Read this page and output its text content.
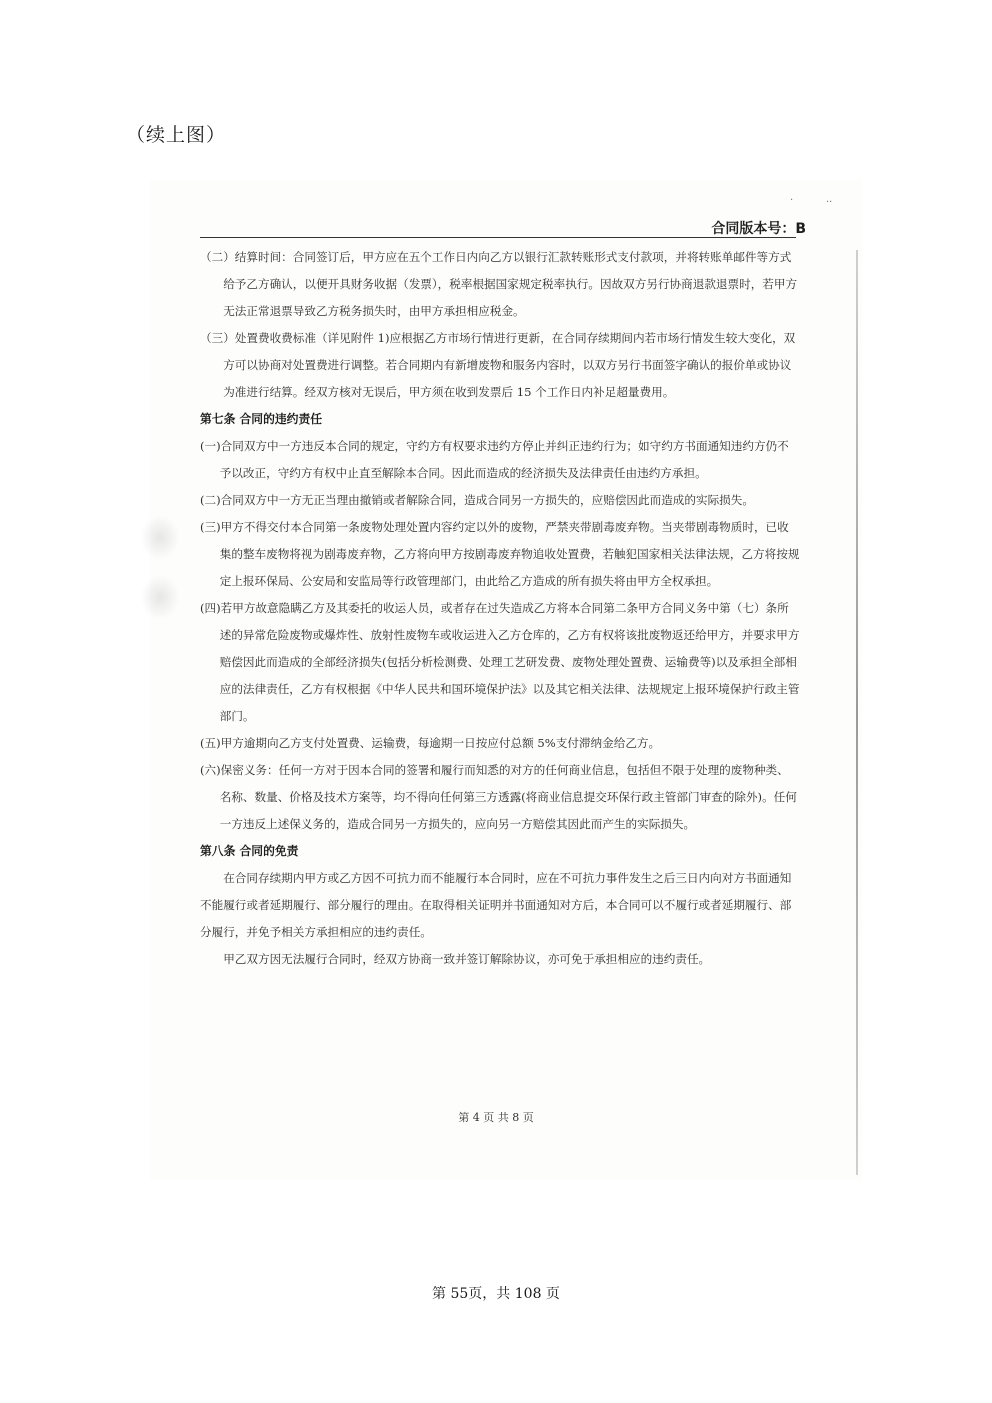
（续上图）
·	··
合同版本号：B

（二）结算时间：合同签订后，甲方应在五个工作日内向乙方以银行汇款转账形式支付款项，并将转账单邮件等方式给予乙方确认，以便开具财务收据（发票），税率根据国家规定税率执行。因故双方另行协商退款退票时，若甲方无法正常退票导致乙方税务损失时，由甲方承担相应税金。

（三）处置费收费标准（详见附件 1)应根据乙方市场行情进行更新，在合同存续期间内若市场行情发生较大变化，双方可以协商对处置费进行调整。若合同期内有新增废物和服务内容时，以双方另行书面签字确认的报价单或协议为准进行结算。经双方核对无误后，甲方须在收到发票后 15 个工作日内补足超量费用。

第七条 合同的违约责任

(一)合同双方中一方违反本合同的规定，守约方有权要求违约方停止并纠正违约行为；如守约方书面通知违约方仍不予以改正，守约方有权中止直至解除本合同。因此而造成的经济损失及法律责任由违约方承担。

(二)合同双方中一方无正当理由撤销或者解除合同，造成合同另一方损失的，应赔偿因此而造成的实际损失。

(三)甲方不得交付本合同第一条废物处理处置内容约定以外的废物，严禁夹带剧毒废弃物。当夹带剧毒物质时，已收集的整车废物将视为剧毒废弃物，乙方将向甲方按剧毒废弃物追收处置费，若触犯国家相关法律法规，乙方将按规定上报环保局、公安局和安监局等行政管理部门，由此给乙方造成的所有损失将由甲方全权承担。

(四)若甲方故意隐瞒乙方及其委托的收运人员，或者存在过失造成乙方将本合同第二条甲方合同义务中第（七）条所述的异常危险废物或爆炸性、放射性废物车或收运进入乙方仓库的，乙方有权将该批废物返还给甲方，并要求甲方赔偿因此而造成的全部经济损失(包括分析检测费、处理工艺研发费、废物处理处置费、运输费等)以及承担全部相应的法律责任，乙方有权根据《中华人民共和国环境保护法》以及其它相关法律、法规规定上报环境保护行政主管部门。

(五)甲方逾期向乙方支付处置费、运输费，每逾期一日按应付总额 5%支付滞纳金给乙方。

(六)保密义务：任何一方对于因本合同的签署和履行而知悉的对方的任何商业信息，包括但不限于处理的废物种类、名称、数量、价格及技术方案等，均不得向任何第三方透露(将商业信息提交环保行政主管部门审查的除外)。任何一方违反上述保义务的，造成合同另一方损失的，应向另一方赔偿其因此而产生的实际损失。

第八条 合同的免责

在合同存续期内甲方或乙方因不可抗力而不能履行本合同时，应在不可抗力事件发生之后三日内向对方书面通知不能履行或者延期履行、部分履行的理由。在取得相关证明并书面通知对方后，本合同可以不履行或者延期履行、部分履行，并免予相关方承担相应的违约责任。

甲乙双方因无法履行合同时，经双方协商一致并签订解除协议，亦可免于承担相应的违约责任。

第 4 页 共 8 页
第 55页，共 108 页
